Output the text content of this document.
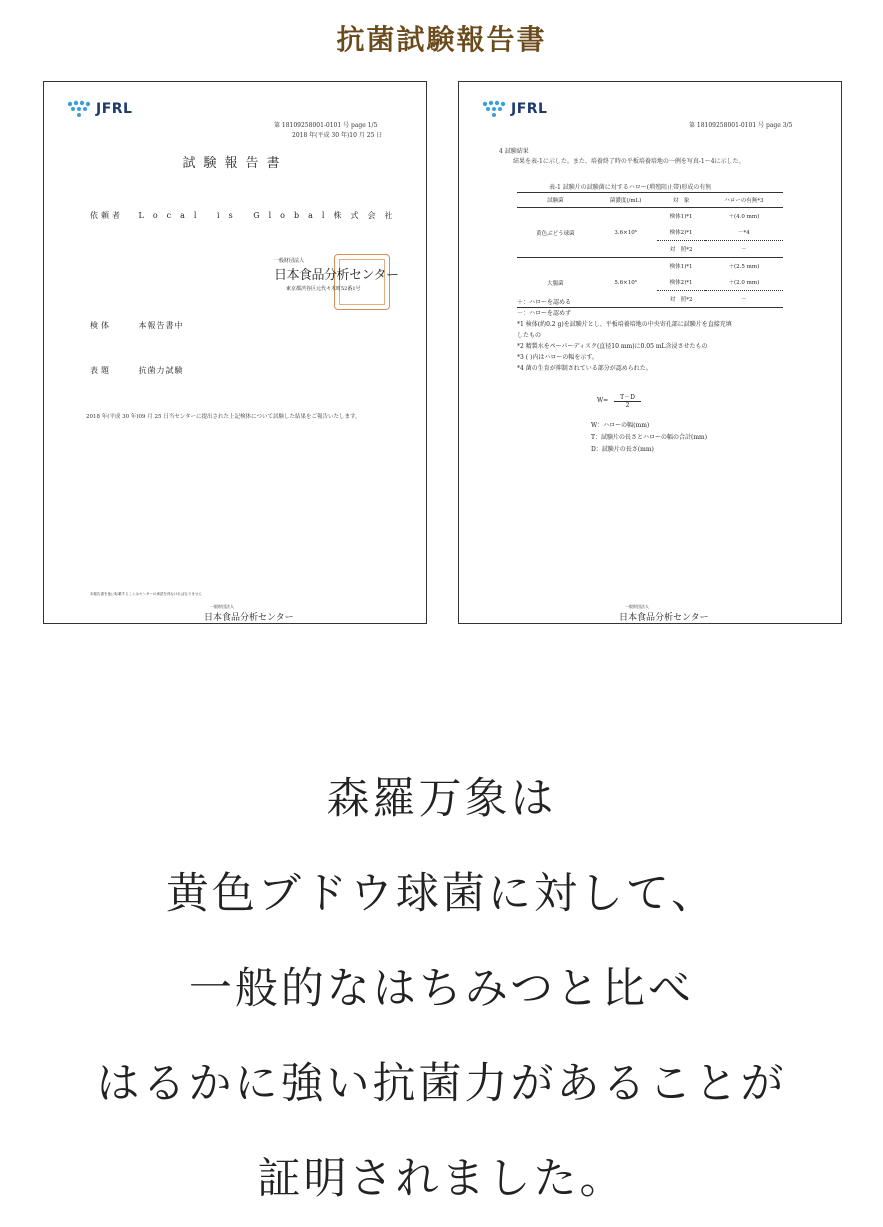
抗菌試験報告書
JFRL
第 18109258001-0101 号 page 1/5
2018 年(平成 30 年)10 月 25 日
試験報告書
依頼者 Local is Global株式会社
検体	本報告書中
表題	抗菌力試験
一般財団法人
日本食品分析センター
東京都渋谷区元代々木町52番1号
2018 年(平成 30 年)09 月 25 日当センターに提出された上記検体について試験した結果をご報告いたします。
本報告書を他に転載することはセンターの承認を得なければなりません
一般財団法人
日本食品分析センター
JFRL
第 18109258001-0101 号 page 3/5
4 試験結果
結果を表-1に示した。また、培養終了時の平板培養培地の一例を写真-1～4に示した。
表-1 試験片の試験菌に対するハロー(増殖阻止帯)形成の有無
試験菌	菌濃度(/mL)	対　象	ハローの有無*3
黄色ぶどう球菌	3.6×10⁶	検体1)*1	＋(4.0 mm)
		検体2)*1	－*4
		対　照*2	－
大腸菌	5.6×10⁶	検体1)*1	＋(2.5 mm)
		検体2)*1	＋(2.0 mm)
		対　照*2	－
＋：ハローを認める
－：ハローを認めず
*1 検体(約0.2 g)を試験片とし、平板培養培地の中央寄孔部に試験片を直接充填
したもの
*2 精製水をペーパーディスク(直径10 mm)に0.05 mL含浸させたもの
*3 ( )内はハローの幅を示す。
*4 菌の生育が抑制されている部分が認められた。
$W= \frac{T-D}{2}$
W：ハローの幅(mm)
T：試験片の長さとハローの幅の合計(mm)
D：試験片の長さ(mm)
一般財団法人
日本食品分析センター
森羅万象は
黄色ブドウ球菌に対して、
一般的なはちみつと比べ
はるかに強い抗菌力があることが
証明されました。
